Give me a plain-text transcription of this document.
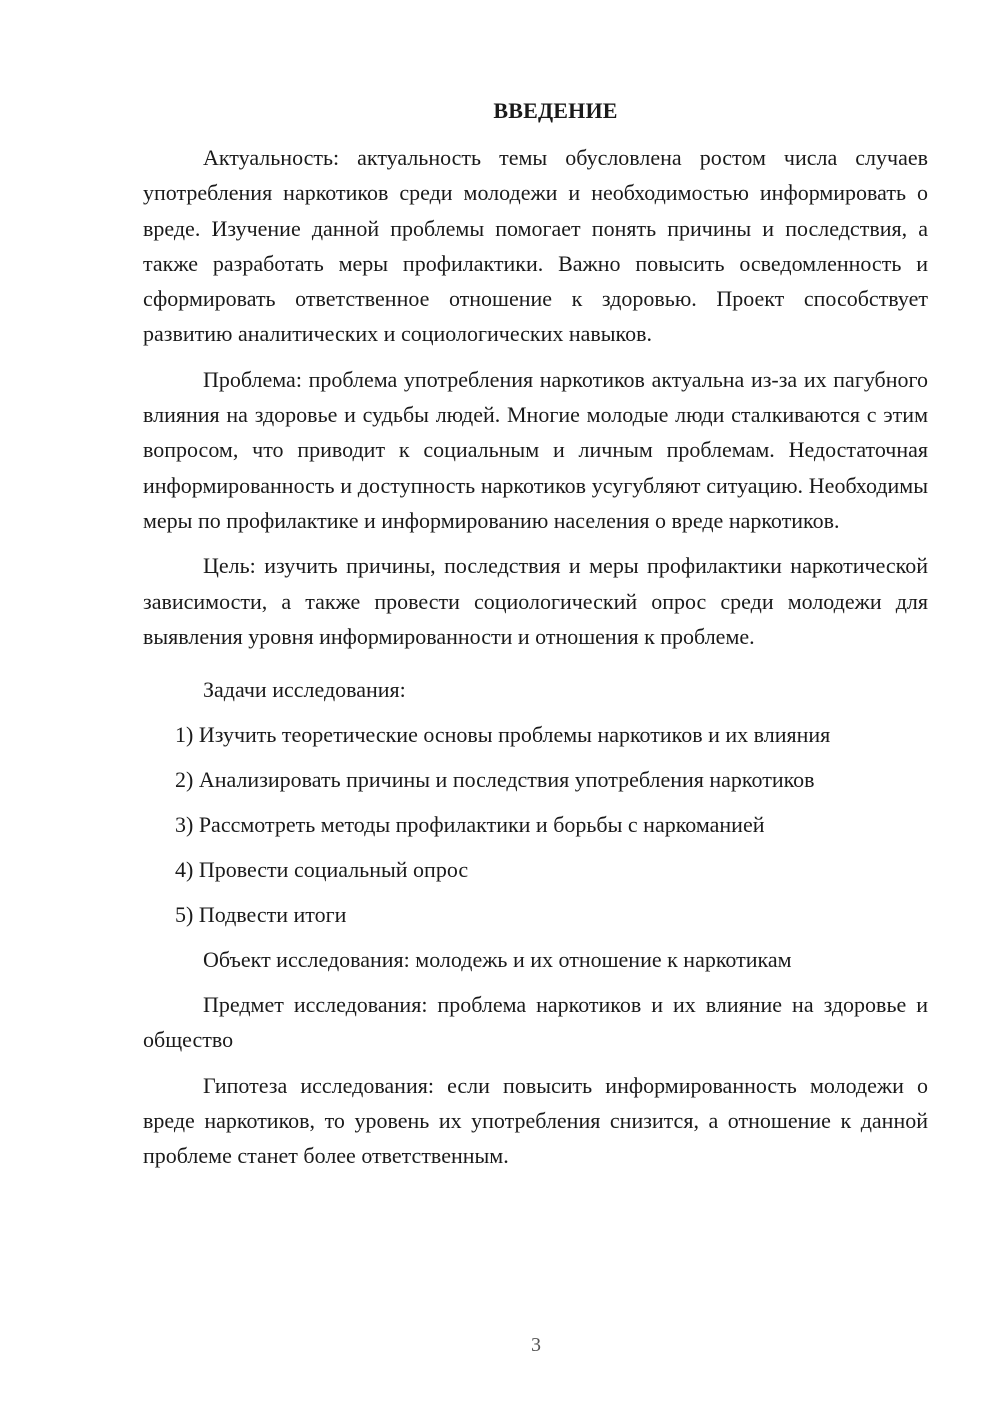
ВВЕДЕНИЕ

Актуальность: актуальность темы обусловлена ростом числа случаев употребления наркотиков среди молодежи и необходимостью информировать о вреде. Изучение данной проблемы помогает понять причины и последствия, а также разработать меры профилактики. Важно повысить осведомленность и сформировать ответственное отношение к здоровью. Проект способствует развитию аналитических и социологических навыков.

Проблема: проблема употребления наркотиков актуальна из-за их пагубного влияния на здоровье и судьбы людей. Многие молодые люди сталкиваются с этим вопросом, что приводит к социальным и личным проблемам. Недостаточная информированность и доступность наркотиков усугубляют ситуацию. Необходимы меры по профилактике и информированию населения о вреде наркотиков.

Цель: изучить причины, последствия и меры профилактики наркотической зависимости, а также провести социологический опрос среди молодежи для выявления уровня информированности и отношения к проблеме.

Задачи исследования:

1) Изучить теоретические основы проблемы наркотиков и их влияния

2) Анализировать причины и последствия употребления наркотиков

3) Рассмотреть методы профилактики и борьбы с наркоманией

4) Провести социальный опрос

5) Подвести итоги

Объект исследования: молодежь и их отношение к наркотикам

Предмет исследования: проблема наркотиков и их влияние на здоровье и общество

Гипотеза исследования: если повысить информированность молодежи о вреде наркотиков, то уровень их употребления снизится, а отношение к данной проблеме станет более ответственным.

3
